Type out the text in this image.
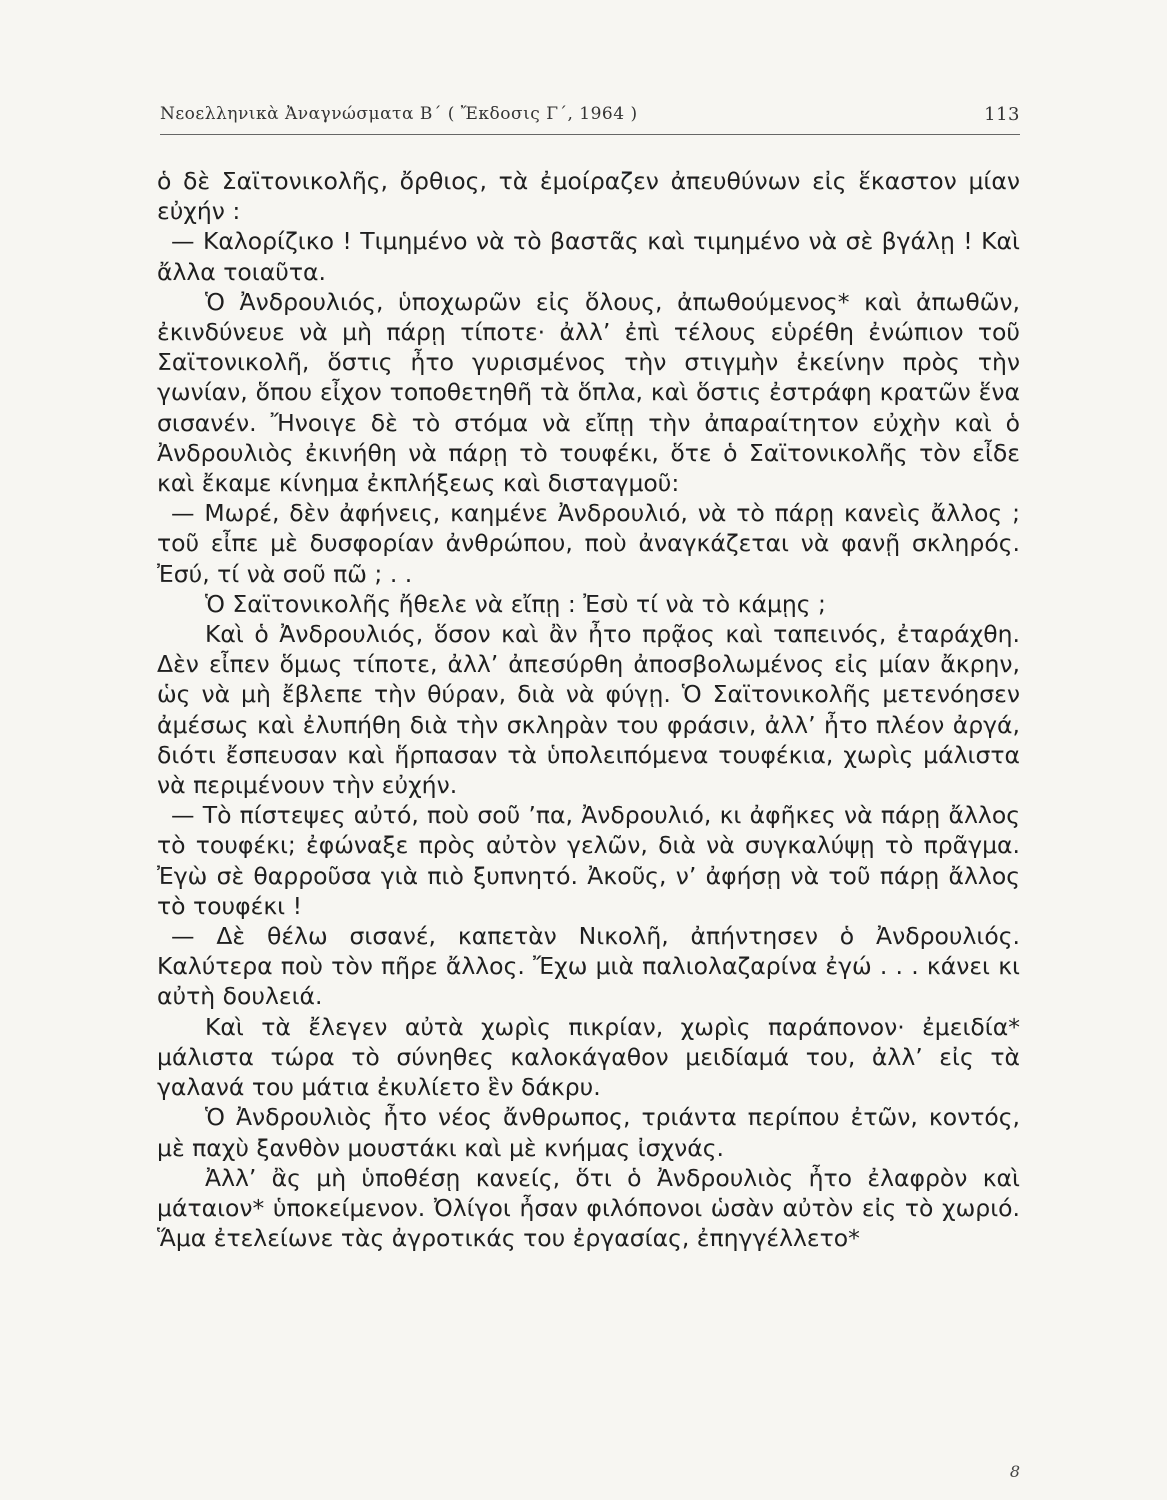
Νεοελληνικὰ Ἀναγνώσματα Β΄ ( Ἔκδοσις Γ΄, 1964 )	113

ὁ δὲ Σαϊτονικολῆς, ὄρθιος, τὰ ἐμοίραζεν ἀπευθύνων εἰς ἕκαστον μίαν εὐχήν :

— Καλορίζικο ! Τιμημένο νὰ τὸ βαστᾶς καὶ τιμημένο νὰ σὲ βγάλῃ ! Καὶ ἄλλα τοιαῦτα.

Ὁ Ἀνδρουλιός, ὑποχωρῶν εἰς ὅλους, ἀπωθούμενος* καὶ ἀπωθῶν, ἐκινδύνευε νὰ μὴ πάρῃ τίποτε· ἀλλ’ ἐπὶ τέλους εὑρέθη ἐνώπιον τοῦ Σαϊτονικολῆ, ὅστις ἦτο γυρισμένος τὴν στιγμὴν ἐκείνην πρὸς τὴν γωνίαν, ὅπου εἶχον τοποθετηθῆ τὰ ὅπλα, καὶ ὅστις ἐστράφη κρατῶν ἕνα σισανέν. Ἤνοιγε δὲ τὸ στόμα νὰ εἴπῃ τὴν ἀπαραίτητον εὐχὴν καὶ ὁ Ἀνδρουλιὸς ἐκινήθη νὰ πάρῃ τὸ τουφέκι, ὅτε ὁ Σαϊτονικολῆς τὸν εἶδε καὶ ἔκαμε κίνημα ἐκπλήξεως καὶ δισταγμοῦ:

— Μωρέ, δὲν ἀφήνεις, καημένε Ἀνδρουλιό, νὰ τὸ πάρῃ κανεὶς ἄλλος ; τοῦ εἶπε μὲ δυσφορίαν ἀνθρώπου, ποὺ ἀναγκάζεται νὰ φανῇ σκληρός. Ἐσύ, τί νὰ σοῦ πῶ ; . .

Ὁ Σαϊτονικολῆς ἤθελε νὰ εἴπῃ : Ἐσὺ τί νὰ τὸ κάμῃς ;

Καὶ ὁ Ἀνδρουλιός, ὅσον καὶ ἂν ἦτο πρᾷος καὶ ταπεινός, ἐταράχθη. Δὲν εἶπεν ὅμως τίποτε, ἀλλ’ ἀπεσύρθη ἀποσβολωμένος εἰς μίαν ἄκρην, ὡς νὰ μὴ ἔβλεπε τὴν θύραν, διὰ νὰ φύγῃ. Ὁ Σαϊτονικολῆς μετενόησεν ἀμέσως καὶ ἐλυπήθη διὰ τὴν σκληρὰν του φράσιν, ἀλλ’ ἦτο πλέον ἀργά, διότι ἔσπευσαν καὶ ἥρπασαν τὰ ὑπολειπόμενα τουφέκια, χωρὶς μάλιστα νὰ περιμένουν τὴν εὐχήν.

— Τὸ πίστεψες αὐτό, ποὺ σοῦ ’πα, Ἀνδρουλιό, κι ἀφῆκες νὰ πάρῃ ἄλλος τὸ τουφέκι; ἐφώναξε πρὸς αὐτὸν γελῶν, διὰ νὰ συγκαλύψῃ τὸ πρᾶγμα. Ἐγὼ σὲ θαρροῦσα γιὰ πιὸ ξυπνητό. Ἀκοῦς, ν’ ἀφήσῃ νὰ τοῦ πάρῃ ἄλλος τὸ τουφέκι !

— Δὲ θέλω σισανέ, καπετὰν Νικολῆ, ἀπήντησεν ὁ Ἀνδρουλιός. Καλύτερα ποὺ τὸν πῆρε ἄλλος. Ἔχω μιὰ παλιολαζαρίνα ἐγώ . . . κάνει κι αὐτὴ δουλειά.

Καὶ τὰ ἔλεγεν αὐτὰ χωρὶς πικρίαν, χωρὶς παράπονον· ἐμειδία* μάλιστα τώρα τὸ σύνηθες καλοκάγαθον μειδίαμά του, ἀλλ’ εἰς τὰ γαλανά του μάτια ἐκυλίετο ἓν δάκρυ.

Ὁ Ἀνδρουλιὸς ἦτο νέος ἄνθρωπος, τριάντα περίπου ἐτῶν, κοντός, μὲ παχὺ ξανθὸν μουστάκι καὶ μὲ κνήμας ἰσχνάς.

Ἀλλ’ ἂς μὴ ὑποθέσῃ κανείς, ὅτι ὁ Ἀνδρουλιὸς ἦτο ἐλαφρὸν καὶ μάταιον* ὑποκείμενον. Ὀλίγοι ἦσαν φιλόπονοι ὡσὰν αὐτὸν εἰς τὸ χωριό. Ἅμα ἐτελείωνε τὰς ἀγροτικάς του ἐργασίας, ἐπηγγέλλετο*

8
